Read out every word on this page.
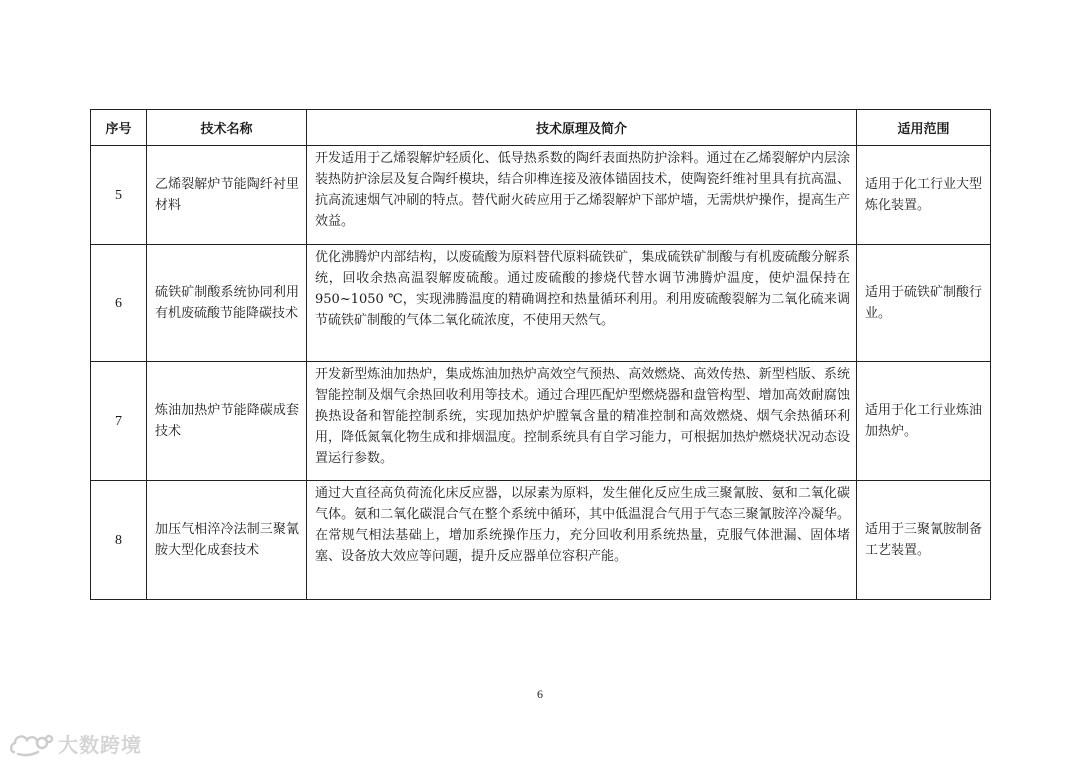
序号	技术名称	技术原理及简介	适用范围
5	乙烯裂解炉节能陶纤衬里材料	开发适用于乙烯裂解炉轻质化、低导热系数的陶纤表面热防护涂料。通过在乙烯裂解炉内层涂装热防护涂层及复合陶纤模块，结合卯榫连接及液体锚固技术，使陶瓷纤维衬里具有抗高温、抗高流速烟气冲刷的特点。替代耐火砖应用于乙烯裂解炉下部炉墙，无需烘炉操作，提高生产效益。	适用于化工行业大型炼化装置。
6	硫铁矿制酸系统协同利用有机废硫酸节能降碳技术	优化沸腾炉内部结构，以废硫酸为原料替代原料硫铁矿，集成硫铁矿制酸与有机废硫酸分解系统，回收余热高温裂解废硫酸。通过废硫酸的掺烧代替水调节沸腾炉温度，使炉温保持在 950~1050 ℃，实现沸腾温度的精确调控和热量循环利用。利用废硫酸裂解为二氧化硫来调节硫铁矿制酸的气体二氧化硫浓度，不使用天然气。	适用于硫铁矿制酸行业。
7	炼油加热炉节能降碳成套技术	开发新型炼油加热炉，集成炼油加热炉高效空气预热、高效燃烧、高效传热、新型档版、系统智能控制及烟气余热回收利用等技术。通过合理匹配炉型燃烧器和盘管构型、增加高效耐腐蚀换热设备和智能控制系统，实现加热炉炉膛氧含量的精准控制和高效燃烧、烟气余热循环利用，降低氮氧化物生成和排烟温度。控制系统具有自学习能力，可根据加热炉燃烧状况动态设置运行参数。	适用于化工行业炼油加热炉。
8	加压气相淬冷法制三聚氰胺大型化成套技术	通过大直径高负荷流化床反应器，以尿素为原料，发生催化反应生成三聚氰胺、氨和二氧化碳气体。氨和二氧化碳混合气在整个系统中循环，其中低温混合气用于气态三聚氰胺淬冷凝华。在常规气相法基础上，增加系统操作压力，充分回收利用系统热量，克服气体泄漏、固体堵塞、设备放大效应等问题，提升反应器单位容积产能。	适用于三聚氰胺制备工艺装置。
6
大数跨境
